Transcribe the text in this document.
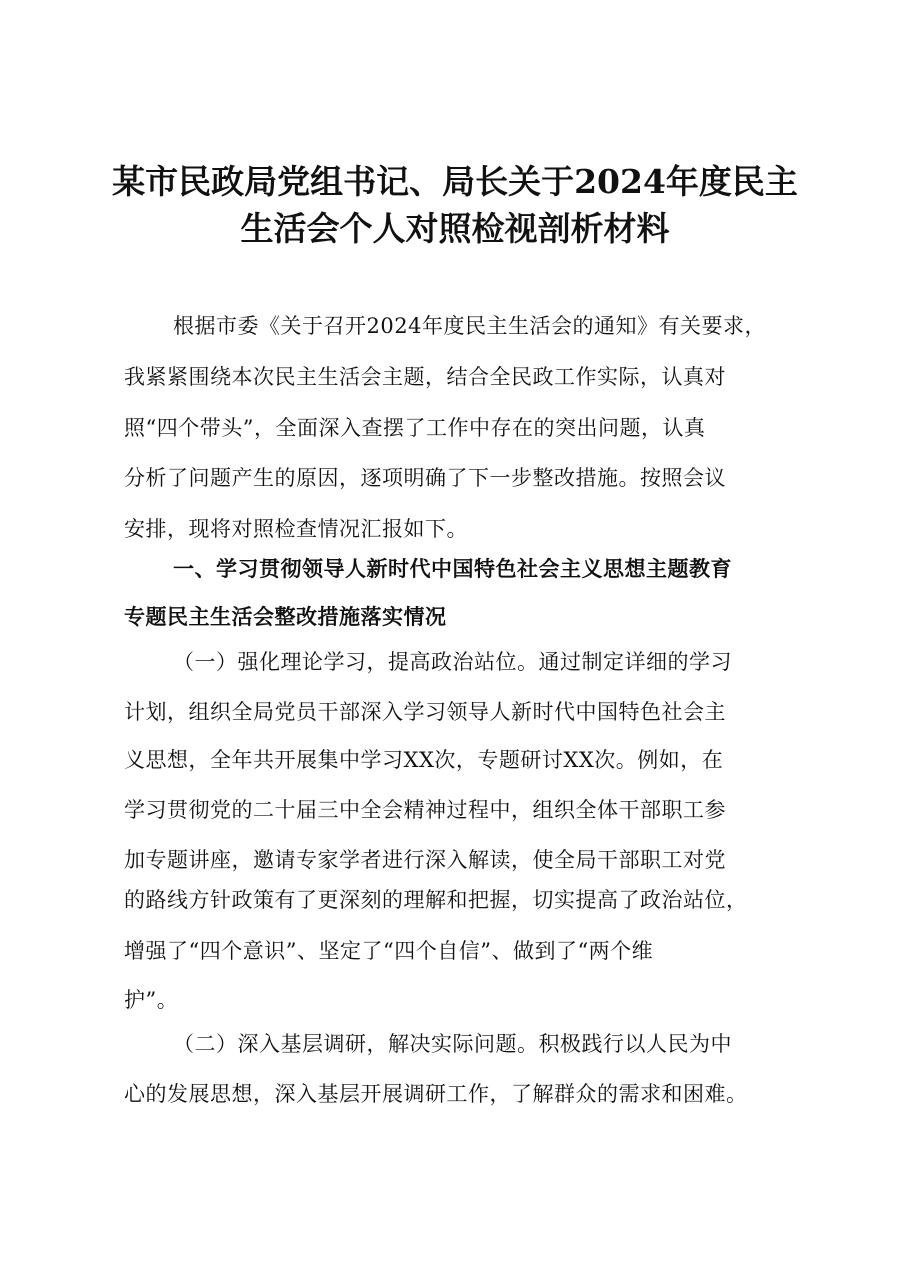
某市民政局党组书记、局长关于2024年度民主
生活会个人对照检视剖析材料
根据市委《关于召开2024年度民主生活会的通知》有关要求，
我紧紧围绕本次民主生活会主题，结合全民政工作实际，认真对
照“四个带头”，全面深入查摆了工作中存在的突出问题，认真
分析了问题产生的原因，逐项明确了下一步整改措施。按照会议
安排，现将对照检查情况汇报如下。
一、学习贯彻领导人新时代中国特色社会主义思想主题教育
专题民主生活会整改措施落实情况
（一）强化理论学习，提高政治站位。通过制定详细的学习
计划，组织全局党员干部深入学习领导人新时代中国特色社会主
义思想，全年共开展集中学习XX次，专题研讨XX次。例如，在
学习贯彻党的二十届三中全会精神过程中，组织全体干部职工参
加专题讲座，邀请专家学者进行深入解读，使全局干部职工对党
的路线方针政策有了更深刻的理解和把握，切实提高了政治站位，
增强了“四个意识”、坚定了“四个自信”、做到了“两个维
护”。
（二）深入基层调研，解决实际问题。积极践行以人民为中
心的发展思想，深入基层开展调研工作，了解群众的需求和困难。
